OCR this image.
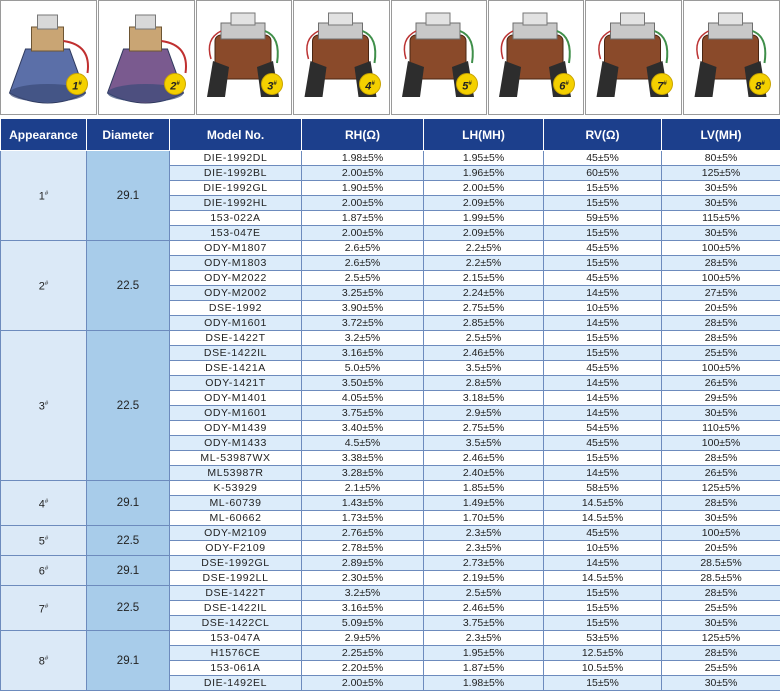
1#	2#	3#	4#	5#	6#	7#	8#
Appearance	Diameter	Model No.	RH(Ω)	LH(MH)	RV(Ω)	LV(MH)
1#	29.1	DIE-1992DL	1.98±5%	1.95±5%	45±5%	80±5%
		DIE-1992BL	2.00±5%	1.96±5%	60±5%	125±5%
		DIE-1992GL	1.90±5%	2.00±5%	15±5%	30±5%
		DIE-1992HL	2.00±5%	2.09±5%	15±5%	30±5%
		153-022A	1.87±5%	1.99±5%	59±5%	115±5%
		153-047E	2.00±5%	2.09±5%	15±5%	30±5%
2#	22.5	ODY-M1807	2.6±5%	2.2±5%	45±5%	100±5%
		ODY-M1803	2.6±5%	2.2±5%	15±5%	28±5%
		ODY-M2022	2.5±5%	2.15±5%	45±5%	100±5%
		ODY-M2002	3.25±5%	2.24±5%	14±5%	27±5%
		DSE-1992	3.90±5%	2.75±5%	10±5%	20±5%
		ODY-M1601	3.72±5%	2.85±5%	14±5%	28±5%
3#	22.5	DSE-1422T	3.2±5%	2.5±5%	15±5%	28±5%
		DSE-1422IL	3.16±5%	2.46±5%	15±5%	25±5%
		DSE-1421A	5.0±5%	3.5±5%	45±5%	100±5%
		ODY-1421T	3.50±5%	2.8±5%	14±5%	26±5%
		ODY-M1401	4.05±5%	3.18±5%	14±5%	29±5%
		ODY-M1601	3.75±5%	2.9±5%	14±5%	30±5%
		ODY-M1439	3.40±5%	2.75±5%	54±5%	110±5%
		ODY-M1433	4.5±5%	3.5±5%	45±5%	100±5%
		ML-53987WX	3.38±5%	2.46±5%	15±5%	28±5%
		ML53987R	3.28±5%	2.40±5%	14±5%	26±5%
4#	29.1	K-53929	2.1±5%	1.85±5%	58±5%	125±5%
		ML-60739	1.43±5%	1.49±5%	14.5±5%	28±5%
		ML-60662	1.73±5%	1.70±5%	14.5±5%	30±5%
5#	22.5	ODY-M2109	2.76±5%	2.3±5%	45±5%	100±5%
		ODY-F2109	2.78±5%	2.3±5%	10±5%	20±5%
6#	29.1	DSE-1992GL	2.89±5%	2.73±5%	14±5%	28.5±5%
		DSE-1992LL	2.30±5%	2.19±5%	14.5±5%	28.5±5%
7#	22.5	DSE-1422T	3.2±5%	2.5±5%	15±5%	28±5%
		DSE-1422IL	3.16±5%	2.46±5%	15±5%	25±5%
		DSE-1422CL	5.09±5%	3.75±5%	15±5%	30±5%
8#	29.1	153-047A	2.9±5%	2.3±5%	53±5%	125±5%
		H1576CE	2.25±5%	1.95±5%	12.5±5%	28±5%
		153-061A	2.20±5%	1.87±5%	10.5±5%	25±5%
		DIE-1492EL	2.00±5%	1.98±5%	15±5%	30±5%
